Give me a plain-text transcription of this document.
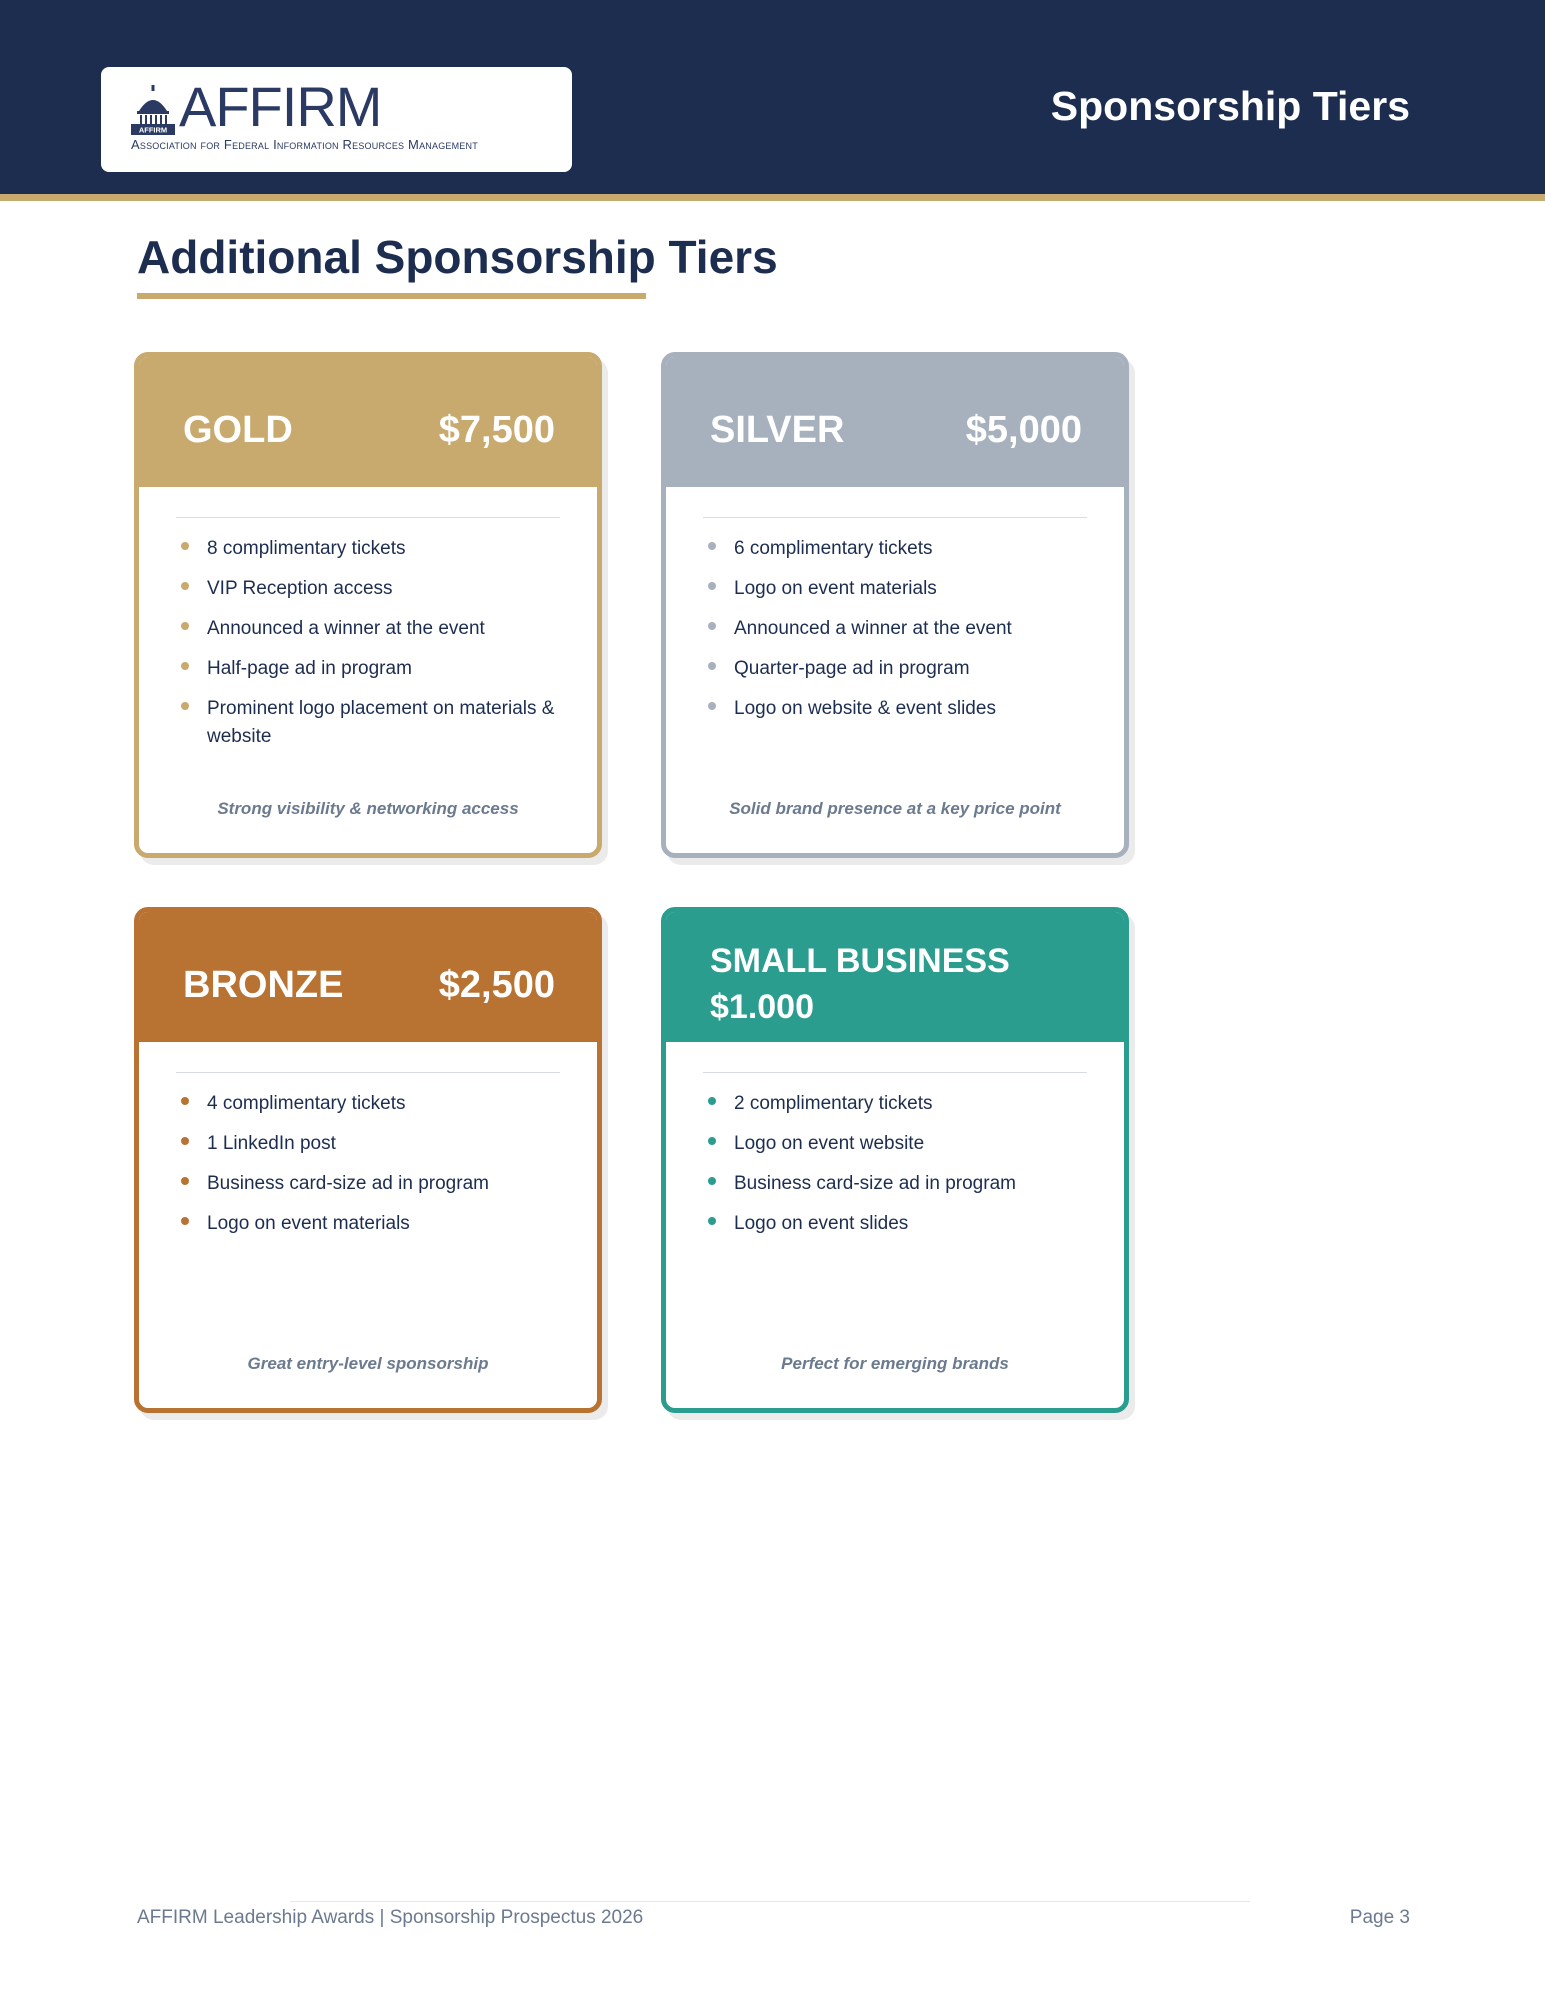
AFFIRM AFFIRM
Association for Federal Information Resources Management
Sponsorship Tiers
Additional Sponsorship Tiers
GOLD	$7,500
8 complimentary tickets
VIP Reception access
Announced a winner at the event
Half-page ad in program
Prominent logo placement on materials & website
Strong visibility & networking access
SILVER	$5,000
6 complimentary tickets
Logo on event materials
Announced a winner at the event
Quarter-page ad in program
Logo on website & event slides
Solid brand presence at a key price point
BRONZE	$2,500
4 complimentary tickets
1 LinkedIn post
Business card-size ad in program
Logo on event materials
Great entry-level sponsorship
SMALL BUSINESS
$1.000
2 complimentary tickets
Logo on event website
Business card-size ad in program
Logo on event slides
Perfect for emerging brands
AFFIRM Leadership Awards | Sponsorship Prospectus 2026	Page 3
